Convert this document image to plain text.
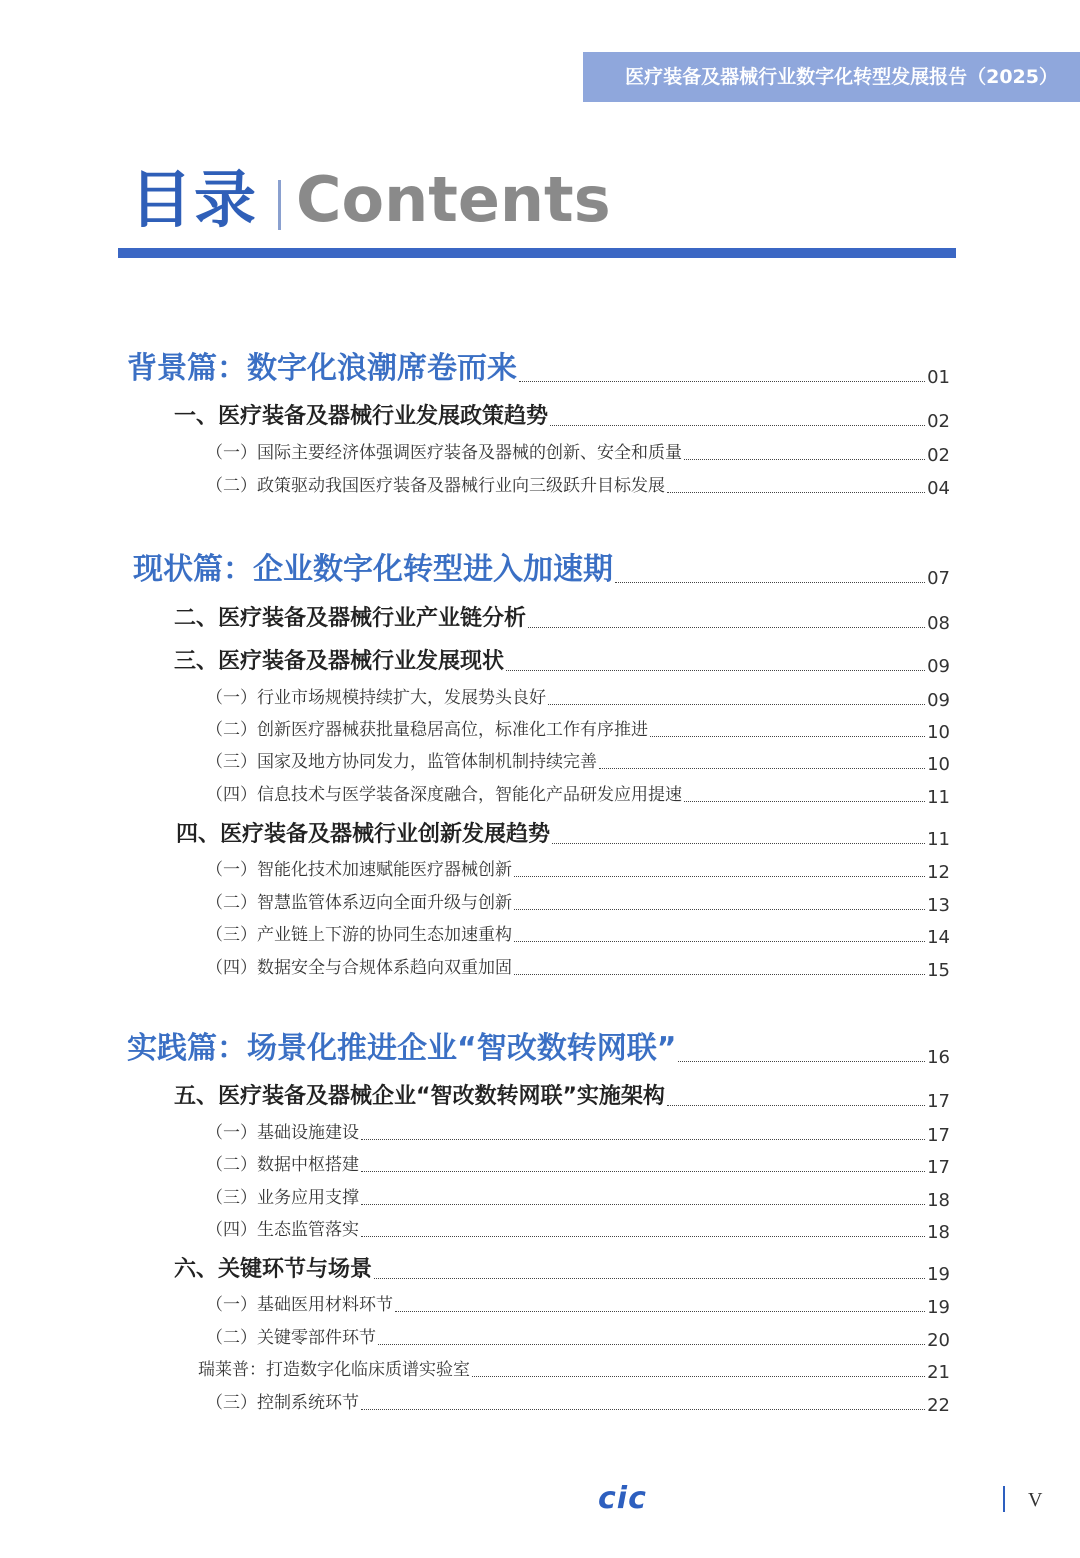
医疗装备及器械行业数字化转型发展报告（2025）
目录 Contents
背景篇：数字化浪潮席卷而来	01
一、医疗装备及器械行业发展政策趋势	02
（一）国际主要经济体强调医疗装备及器械的创新、安全和质量	02
（二）政策驱动我国医疗装备及器械行业向三级跃升目标发展	04
现状篇：企业数字化转型进入加速期	07
二、医疗装备及器械行业产业链分析	08
三、医疗装备及器械行业发展现状	09
（一）行业市场规模持续扩大，发展势头良好	09
（二）创新医疗器械获批量稳居高位，标准化工作有序推进	10
（三）国家及地方协同发力，监管体制机制持续完善	10
（四）信息技术与医学装备深度融合，智能化产品研发应用提速	11
四、医疗装备及器械行业创新发展趋势	11
（一）智能化技术加速赋能医疗器械创新	12
（二）智慧监管体系迈向全面升级与创新	13
（三）产业链上下游的协同生态加速重构	14
（四）数据安全与合规体系趋向双重加固	15
实践篇：场景化推进企业“智改数转网联”	16
五、医疗装备及器械企业“智改数转网联”实施架构	17
（一）基础设施建设	17
（二）数据中枢搭建	17
（三）业务应用支撑	18
（四）生态监管落实	18
六、关键环节与场景	19
（一）基础医用材料环节	19
（二）关键零部件环节	20
瑞莱普：打造数字化临床质谱实验室	21
（三）控制系统环节	22
cic	V
